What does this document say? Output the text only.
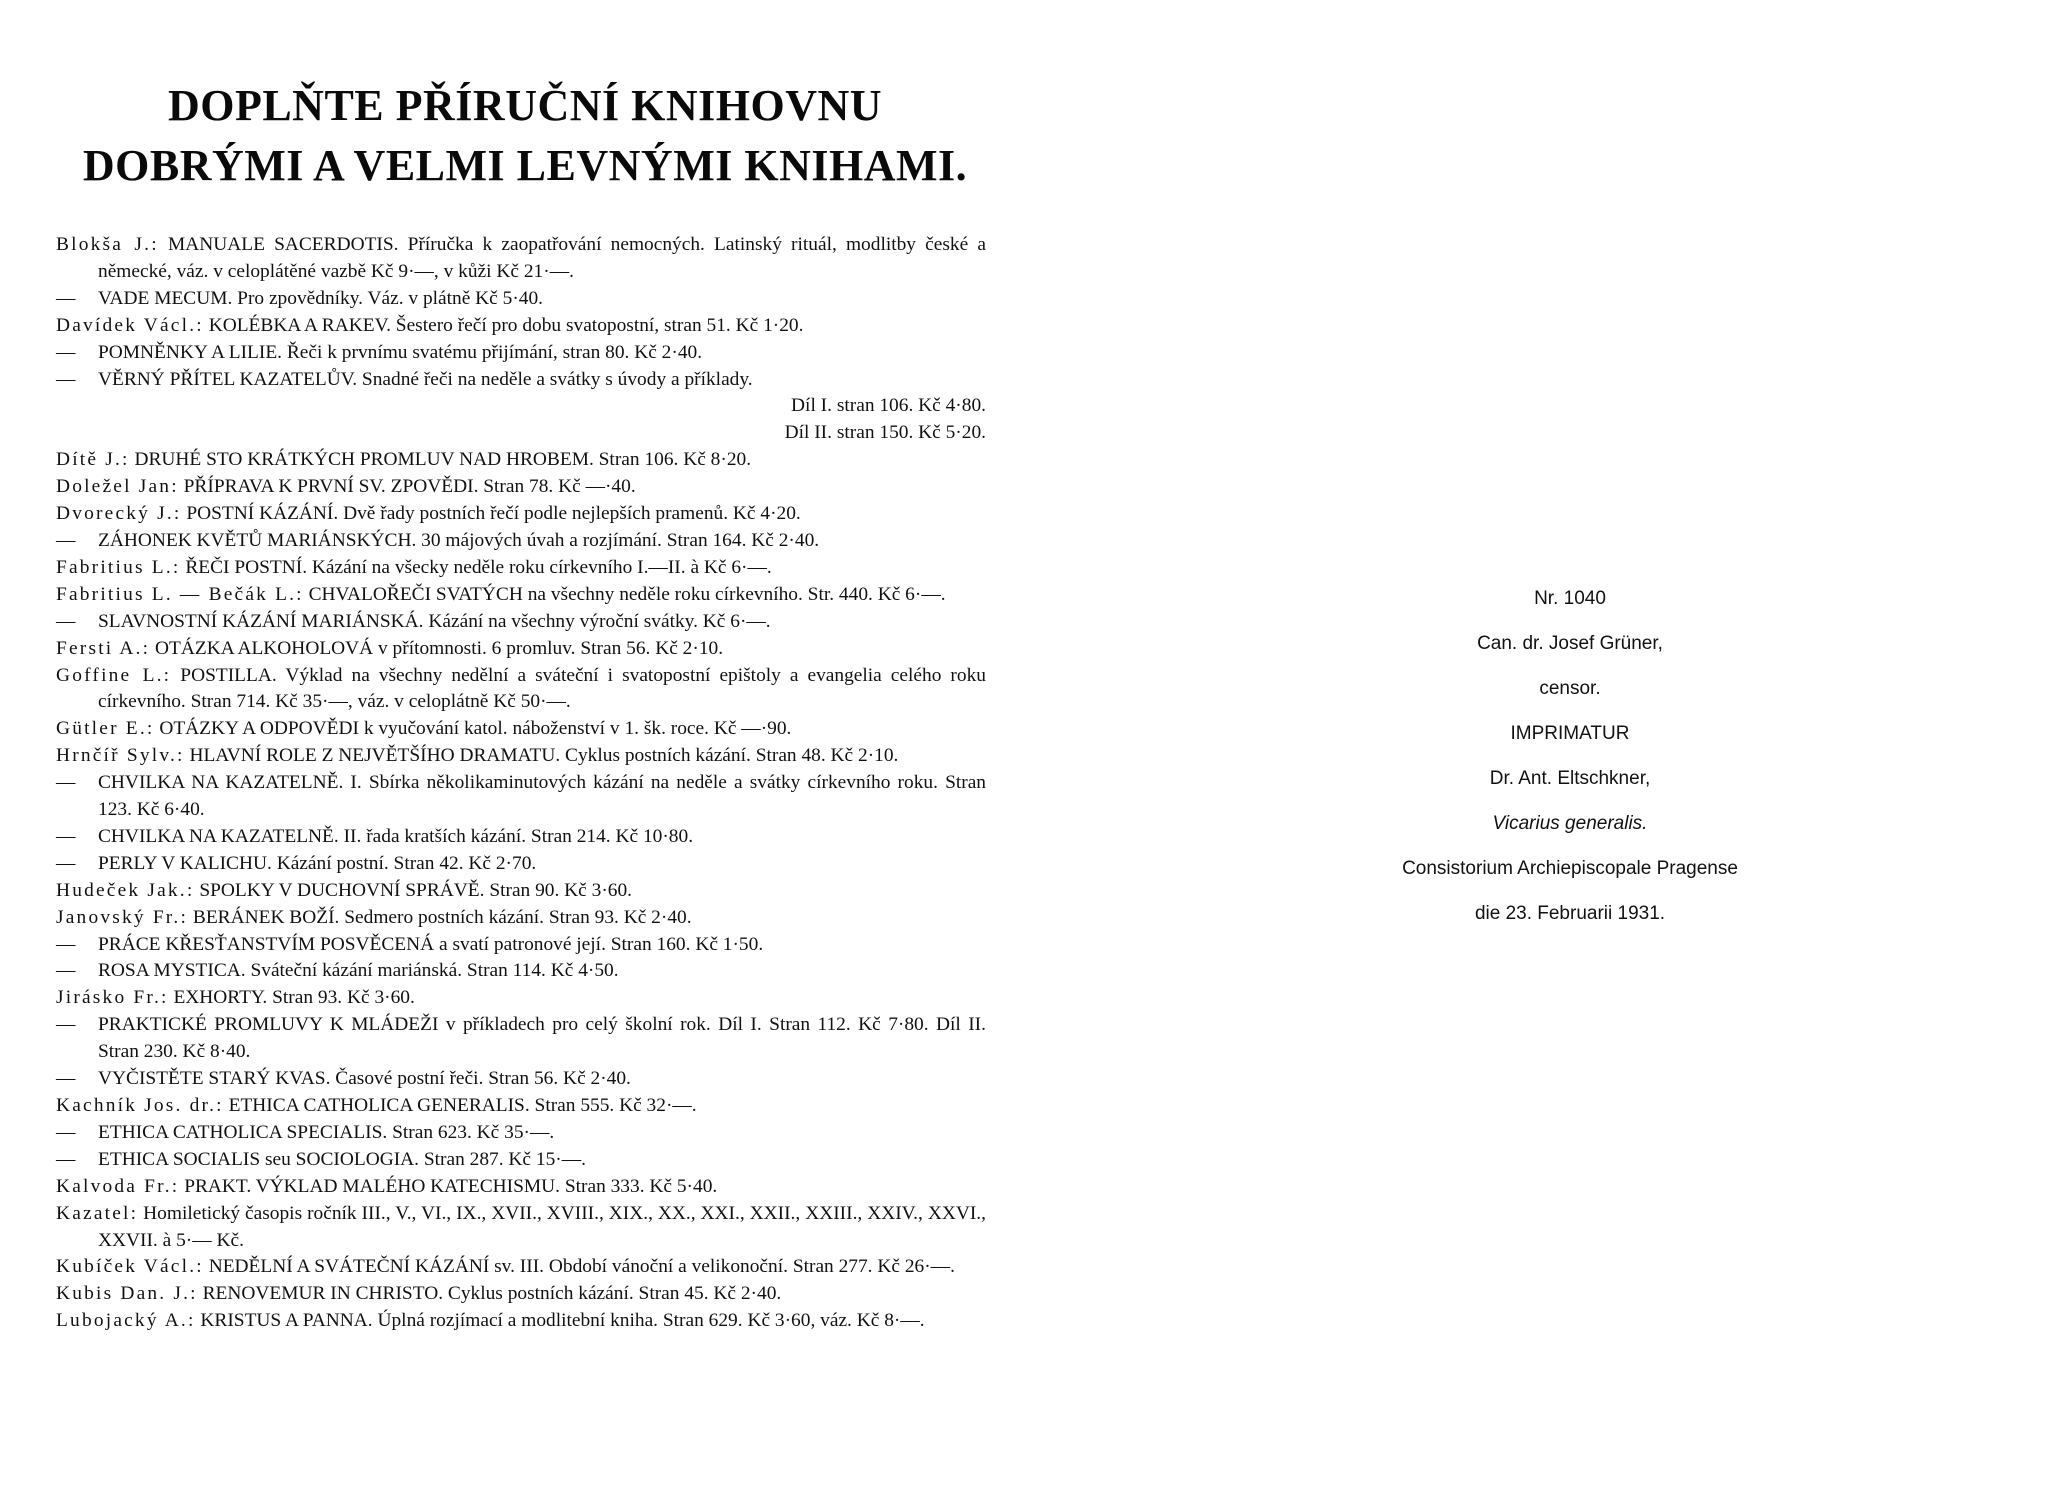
DOPLŇTE PŘÍRUČNÍ KNIHOVNU
DOBRÝMI A VELMI LEVNÝMI KNIHAMI.
Blokša J.: MANUALE SACERDOTIS. Příručka k zaopatřování nemocných. Latinský rituál, modlitby české a německé, váz. v celoplátěné vazbě Kč 9·—, v kůži Kč 21·—.
— VADE MECUM. Pro zpovědníky. Váz. v plátně Kč 5·40.
Davídek Václ.: KOLÉBKA A RAKEV. Šestero řečí pro dobu svatopostní, stran 51. Kč 1·20.
— POMNĚNKY A LILIE. Řeči k prvnímu svatému přijímání, stran 80. Kč 2·40.
— VĚRNÝ PŘÍTEL KAZATELŮV. Snadné řeči na neděle a svátky s úvody a příklady.
Díl I. stran 106. Kč 4·80.
Díl II. stran 150. Kč 5·20.
Dítě J.: DRUHÉ STO KRÁTKÝCH PROMLUV NAD HROBEM. Stran 106. Kč 8·20.
Doležel Jan: PŘÍPRAVA K PRVNÍ SV. ZPOVĚDI. Stran 78. Kč —·40.
Dvorecký J.: POSTNÍ KÁZÁNÍ. Dvě řady postních řečí podle nejlepších pramenů. Kč 4·20.
— ZÁHONEK KVĚTŮ MARIÁNSKÝCH. 30 májových úvah a rozjímání. Stran 164. Kč 2·40.
Fabritius L.: ŘEČI POSTNÍ. Kázání na všecky neděle roku církevního I.—II. à Kč 6·—.
Fabritius L. — Bečák L.: CHVALOŘEČI SVATÝCH na všechny neděle roku církevního. Str. 440. Kč 6·—.
— SLAVNOSTNÍ KÁZÁNÍ MARIÁNSKÁ. Kázání na všechny výroční svátky. Kč 6·—.
Fersti A.: OTÁZKA ALKOHOLOVÁ v přítomnosti. 6 promluv. Stran 56. Kč 2·10.
Goffine L.: POSTILLA. Výklad na všechny nedělní a sváteční i svatopostní epištoly a evangelia celého roku církevního. Stran 714. Kč 35·—, váz. v celoplátně Kč 50·—.
Gütler E.: OTÁZKY A ODPOVĚDI k vyučování katol. náboženství v 1. šk. roce. Kč —·90.
Hrnčíř Sylv.: HLAVNÍ ROLE Z NEJVĚTŠÍHO DRAMATU. Cyklus postních kázání. Stran 48. Kč 2·10.
— CHVILKA NA KAZATELNĚ. I. Sbírka několikaminutových kázání na neděle a svátky církevního roku. Stran 123. Kč 6·40.
— CHVILKA NA KAZATELNĚ. II. řada kratších kázání. Stran 214. Kč 10·80.
— PERLY V KALICHU. Kázání postní. Stran 42. Kč 2·70.
Hudeček Jak.: SPOLKY V DUCHOVNÍ SPRÁVĚ. Stran 90. Kč 3·60.
Janovský Fr.: BERÁNEK BOŽÍ. Sedmero postních kázání. Stran 93. Kč 2·40.
— PRÁCE KŘESŤANSTVÍM POSVĚCENÁ a svatí patronové její. Stran 160. Kč 1·50.
— ROSA MYSTICA. Sváteční kázání mariánská. Stran 114. Kč 4·50.
Jirásko Fr.: EXHORTY. Stran 93. Kč 3·60.
— PRAKTICKÉ PROMLUVY K MLÁDEŽI v příkladech pro celý školní rok. Díl I. Stran 112. Kč 7·80. Díl II. Stran 230. Kč 8·40.
— VYČISTĚTE STARÝ KVAS. Časové postní řeči. Stran 56. Kč 2·40.
Kachník Jos. dr.: ETHICA CATHOLICA GENERALIS. Stran 555. Kč 32·—.
— ETHICA CATHOLICA SPECIALIS. Stran 623. Kč 35·—.
— ETHICA SOCIALIS seu SOCIOLOGIA. Stran 287. Kč 15·—.
Kalvoda Fr.: PRAKT. VÝKLAD MALÉHO KATECHISMU. Stran 333. Kč 5·40.
Kazatel: Homiletický časopis ročník III., V., VI., IX., XVII., XVIII., XIX., XX., XXI., XXII., XXIII., XXIV., XXVI., XXVII. à 5·— Kč.
Kubíček Václ.: NEDĚLNÍ A SVÁTEČNÍ KÁZÁNÍ sv. III. Období vánoční a velikonoční. Stran 277. Kč 26·—.
Kubis Dan. J.: RENOVEMUR IN CHRISTO. Cyklus postních kázání. Stran 45. Kč 2·40.
Lubojacký A.: KRISTUS A PANNA. Úplná rozjímací a modlitební kniha. Stran 629. Kč 3·60, váz. Kč 8·—.
Nr. 1040
Can. dr. Josef Grüner,
censor.
IMPRIMATUR
Dr. Ant. Eltschkner,
Vicarius generalis.
Consistorium Archiepiscopale Pragense
die 23. Februarii 1931.
